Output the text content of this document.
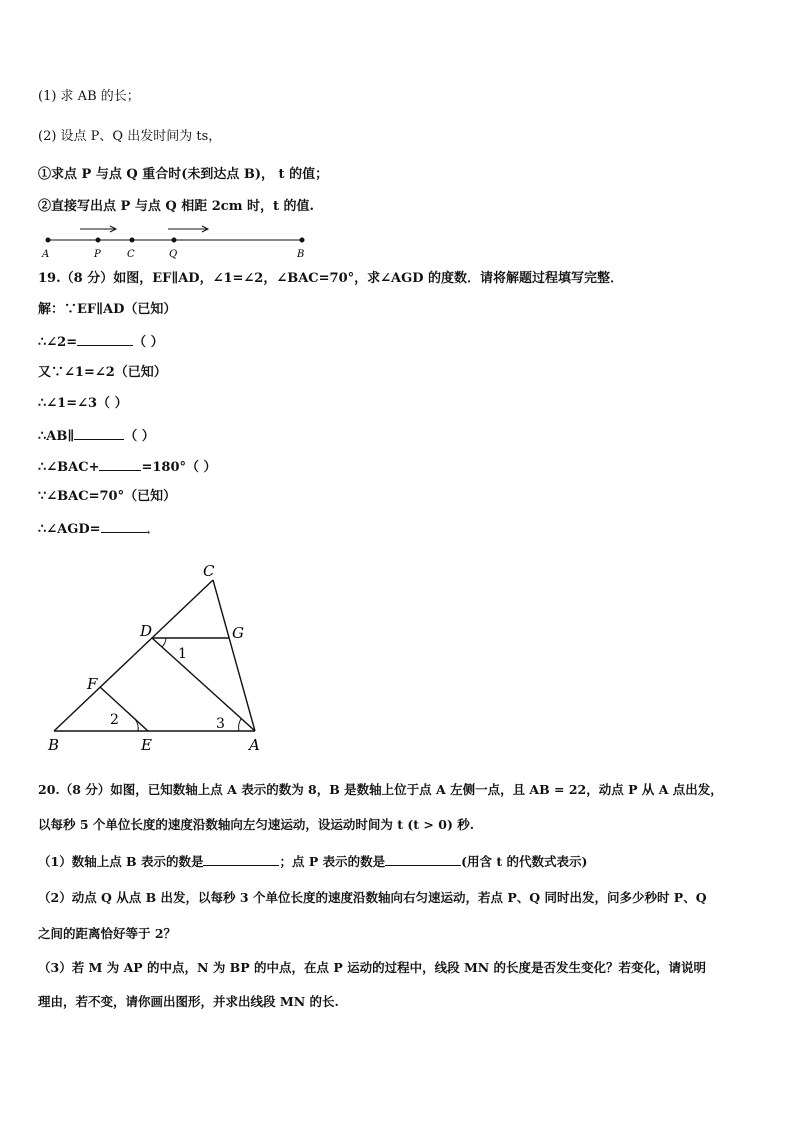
(1) 求 AB 的长；
(2) 设点 P、Q 出发时间为 ts，
①求点 P 与点 Q 重合时(未到达点 B)， t 的值；
②直接写出点 P 与点 Q 相距 2cm 时，t 的值.
A	P	C	Q	B
19.（8 分）如图，EF∥AD，∠1=∠2，∠BAC=70°，求∠AGD 的度数．请将解题过程填写完整．
解：∵EF∥AD（已知）
∴∠2=	（ ）
又∵∠1=∠2（已知）
∴∠1=∠3（ ）
∴AB∥	（ ）
∴∠BAC+	=180°（ ）
∵∠BAC=70°（已知）
∴∠AGD=	．
C
D	G
F
B	E	A
1
2	3
20.（8 分）如图，已知数轴上点 A 表示的数为 8，B 是数轴上位于点 A 左侧一点，且 AB = 22，动点 P 从 A 点出发，
以每秒 5 个单位长度的速度沿数轴向左匀速运动，设运动时间为 t (t > 0) 秒.
（1）数轴上点 B 表示的数是	；点 P 表示的数是	(用含 t 的代数式表示)
（2）动点 Q 从点 B 出发，以每秒 3 个单位长度的速度沿数轴向右匀速运动，若点 P、Q 同时出发，问多少秒时 P、Q
之间的距离恰好等于 2？
（3）若 M 为 AP 的中点，N 为 BP 的中点，在点 P 运动的过程中，线段 MN 的长度是否发生变化？若变化，请说明
理由，若不变，请你画出图形，并求出线段 MN 的长.
